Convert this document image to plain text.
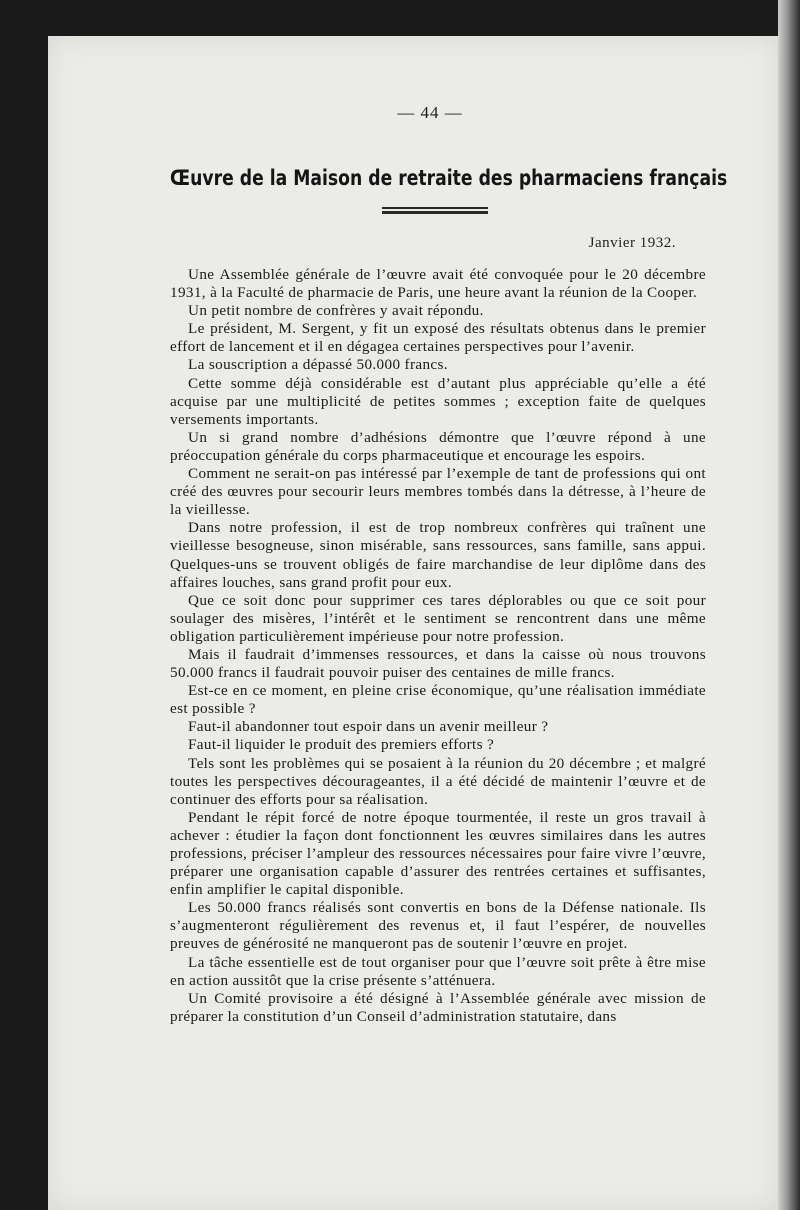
— 44 —
Œuvre de la Maison de retraite des pharmaciens français
Janvier 1932.

Une Assemblée générale de l’œuvre avait été convoquée pour le 20 décembre 1931, à la Faculté de pharmacie de Paris, une heure avant la réunion de la Cooper.

Un petit nombre de confrères y avait répondu.

Le président, M. Sergent, y fit un exposé des résultats obtenus dans le premier effort de lancement et il en dégagea certaines perspectives pour l’avenir.

La souscription a dépassé 50.000 francs.

Cette somme déjà considérable est d’autant plus appréciable qu’elle a été acquise par une multiplicité de petites sommes ; exception faite de quelques versements importants.

Un si grand nombre d’adhésions démontre que l’œuvre répond à une préoccupation générale du corps pharmaceutique et encourage les espoirs.

Comment ne serait-on pas intéressé par l’exemple de tant de professions qui ont créé des œuvres pour secourir leurs membres tombés dans la détresse, à l’heure de la vieillesse.

Dans notre profession, il est de trop nombreux confrères qui traînent une vieillesse besogneuse, sinon misérable, sans ressources, sans famille, sans appui. Quelques-uns se trouvent obligés de faire marchandise de leur diplôme dans des affaires louches, sans grand profit pour eux.

Que ce soit donc pour supprimer ces tares déplorables ou que ce soit pour soulager des misères, l’intérêt et le sentiment se rencontrent dans une même obligation particulièrement impérieuse pour notre profession.

Mais il faudrait d’immenses ressources, et dans la caisse où nous trouvons 50.000 francs il faudrait pouvoir puiser des centaines de mille francs.

Est-ce en ce moment, en pleine crise économique, qu’une réalisation immédiate est possible ?

Faut-il abandonner tout espoir dans un avenir meilleur ?

Faut-il liquider le produit des premiers efforts ?

Tels sont les problèmes qui se posaient à la réunion du 20 décembre ; et malgré toutes les perspectives décourageantes, il a été décidé de maintenir l’œuvre et de continuer des efforts pour sa réalisation.

Pendant le répit forcé de notre époque tourmentée, il reste un gros travail à achever : étudier la façon dont fonctionnent les œuvres similaires dans les autres professions, préciser l’ampleur des ressources nécessaires pour faire vivre l’œuvre, préparer une organisation capable d’assurer des rentrées certaines et suffisantes, enfin amplifier le capital disponible.

Les 50.000 francs réalisés sont convertis en bons de la Défense nationale. Ils s’augmenteront régulièrement des revenus et, il faut l’espérer, de nouvelles preuves de générosité ne manqueront pas de soutenir l’œuvre en projet.

La tâche essentielle est de tout organiser pour que l’œuvre soit prête à être mise en action aussitôt que la crise présente s’atténuera.

Un Comité provisoire a été désigné à l’Assemblée générale avec mission de préparer la constitution d’un Conseil d’administration statutaire, dans
